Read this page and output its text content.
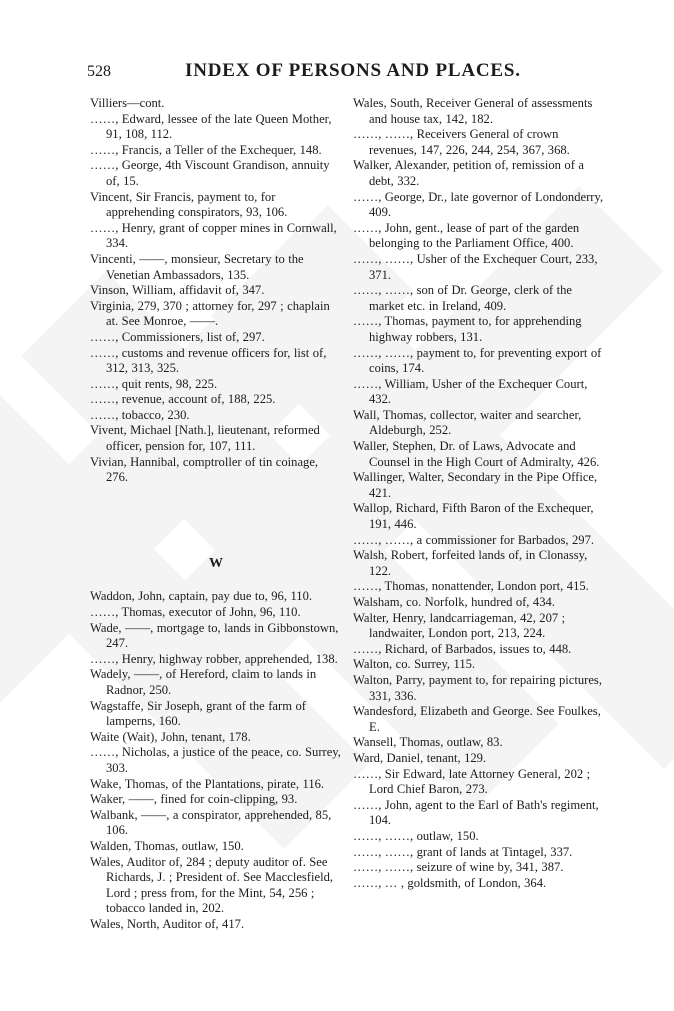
528	INDEX OF PERSONS AND PLACES.

Villiers—cont.

……, Edward, lessee of the late Queen Mother, 91, 108, 112.

……, Francis, a Teller of the Exchequer, 148.

……, George, 4th Viscount Grandison, annuity of, 15.

Vincent, Sir Francis, payment to, for apprehending conspirators, 93, 106.

……, Henry, grant of copper mines in Cornwall, 334.

Vincenti, ——, monsieur, Secretary to the Venetian Ambassadors, 135.

Vinson, William, affidavit of, 347.

Virginia, 279, 370 ; attorney for, 297 ; chaplain at. See Monroe, ——.

……, Commissioners, list of, 297.

……, customs and revenue officers for, list of, 312, 313, 325.

……, quit rents, 98, 225.

……, revenue, account of, 188, 225.

……, tobacco, 230.

Vivent, Michael [Nath.], lieutenant, reformed officer, pension for, 107, 111.

Vivian, Hannibal, comptroller of tin coinage, 276.

W

Waddon, John, captain, pay due to, 96, 110.

……, Thomas, executor of John, 96, 110.

Wade, ——, mortgage to, lands in Gibbonstown, 247.

……, Henry, highway robber, apprehended, 138.

Wadely, ——, of Hereford, claim to lands in Radnor, 250.

Wagstaffe, Sir Joseph, grant of the farm of lamperns, 160.

Waite (Wait), John, tenant, 178.

……, Nicholas, a justice of the peace, co. Surrey, 303.

Wake, Thomas, of the Plantations, pirate, 116.

Waker, ——, fined for coin-clipping, 93.

Walbank, ——, a conspirator, apprehended, 85, 106.

Walden, Thomas, outlaw, 150.

Wales, Auditor of, 284 ; deputy auditor of. See Richards, J. ; President of. See Macclesfield, Lord ; press from, for the Mint, 54, 256 ; tobacco landed in, 202.

Wales, North, Auditor of, 417.

Wales, South, Receiver General of assessments and house tax, 142, 182.

……, ……, Receivers General of crown revenues, 147, 226, 244, 254, 367, 368.

Walker, Alexander, petition of, remission of a debt, 332.

……, George, Dr., late governor of Londonderry, 409.

……, John, gent., lease of part of the garden belonging to the Parliament Office, 400.

……, ……, Usher of the Exchequer Court, 233, 371.

……, ……, son of Dr. George, clerk of the market etc. in Ireland, 409.

……, Thomas, payment to, for apprehending highway robbers, 131.

……, ……, payment to, for preventing export of coins, 174.

……, William, Usher of the Exchequer Court, 432.

Wall, Thomas, collector, waiter and searcher, Aldeburgh, 252.

Waller, Stephen, Dr. of Laws, Advocate and Counsel in the High Court of Admiralty, 426.

Wallinger, Walter, Secondary in the Pipe Office, 421.

Wallop, Richard, Fifth Baron of the Exchequer, 191, 446.

……, ……, a commissioner for Barbados, 297.

Walsh, Robert, forfeited lands of, in Clonassy, 122.

……, Thomas, nonattender, London port, 415.

Walsham, co. Norfolk, hundred of, 434.

Walter, Henry, landcarriageman, 42, 207 ; landwaiter, London port, 213, 224.

……, Richard, of Barbados, issues to, 448.

Walton, co. Surrey, 115.

Walton, Parry, payment to, for repairing pictures, 331, 336.

Wandesford, Elizabeth and George. See Foulkes, E.

Wansell, Thomas, outlaw, 83.

Ward, Daniel, tenant, 129.

……, Sir Edward, late Attorney General, 202 ; Lord Chief Baron, 273.

……, John, agent to the Earl of Bath's regiment, 104.

……, ……, outlaw, 150.

……, ……, grant of lands at Tintagel, 337.

……, ……, seizure of wine by, 341, 387.

……, … , goldsmith, of London, 364.
